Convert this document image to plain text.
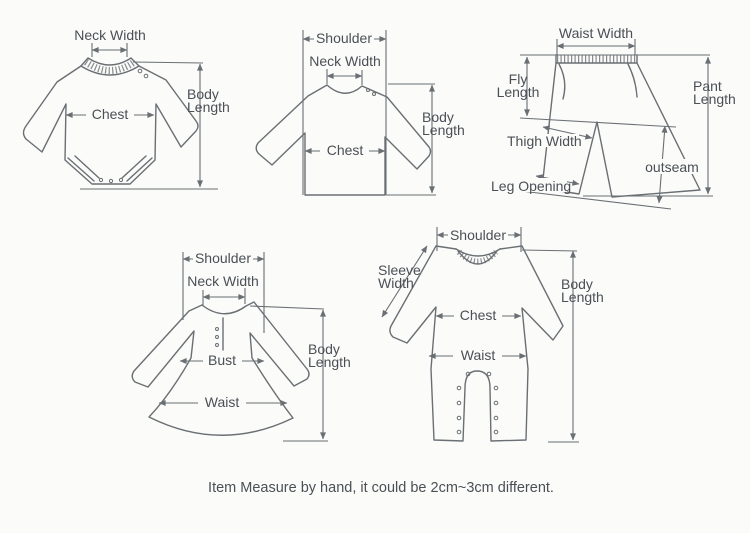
Neck Width
Body Length
Chest
Shoulder
Neck Width
Chest
Body Length
Waist Width
Fly Length	Pant Length
Thigh Width
outseam
Leg Opening
Shoulder
Neck Width
Bust
Waist
Body Length
Shoulder
Sleeve Width
Chest
Waist
Body Length
Item Measure by hand, it could be 2cm~3cm different.
